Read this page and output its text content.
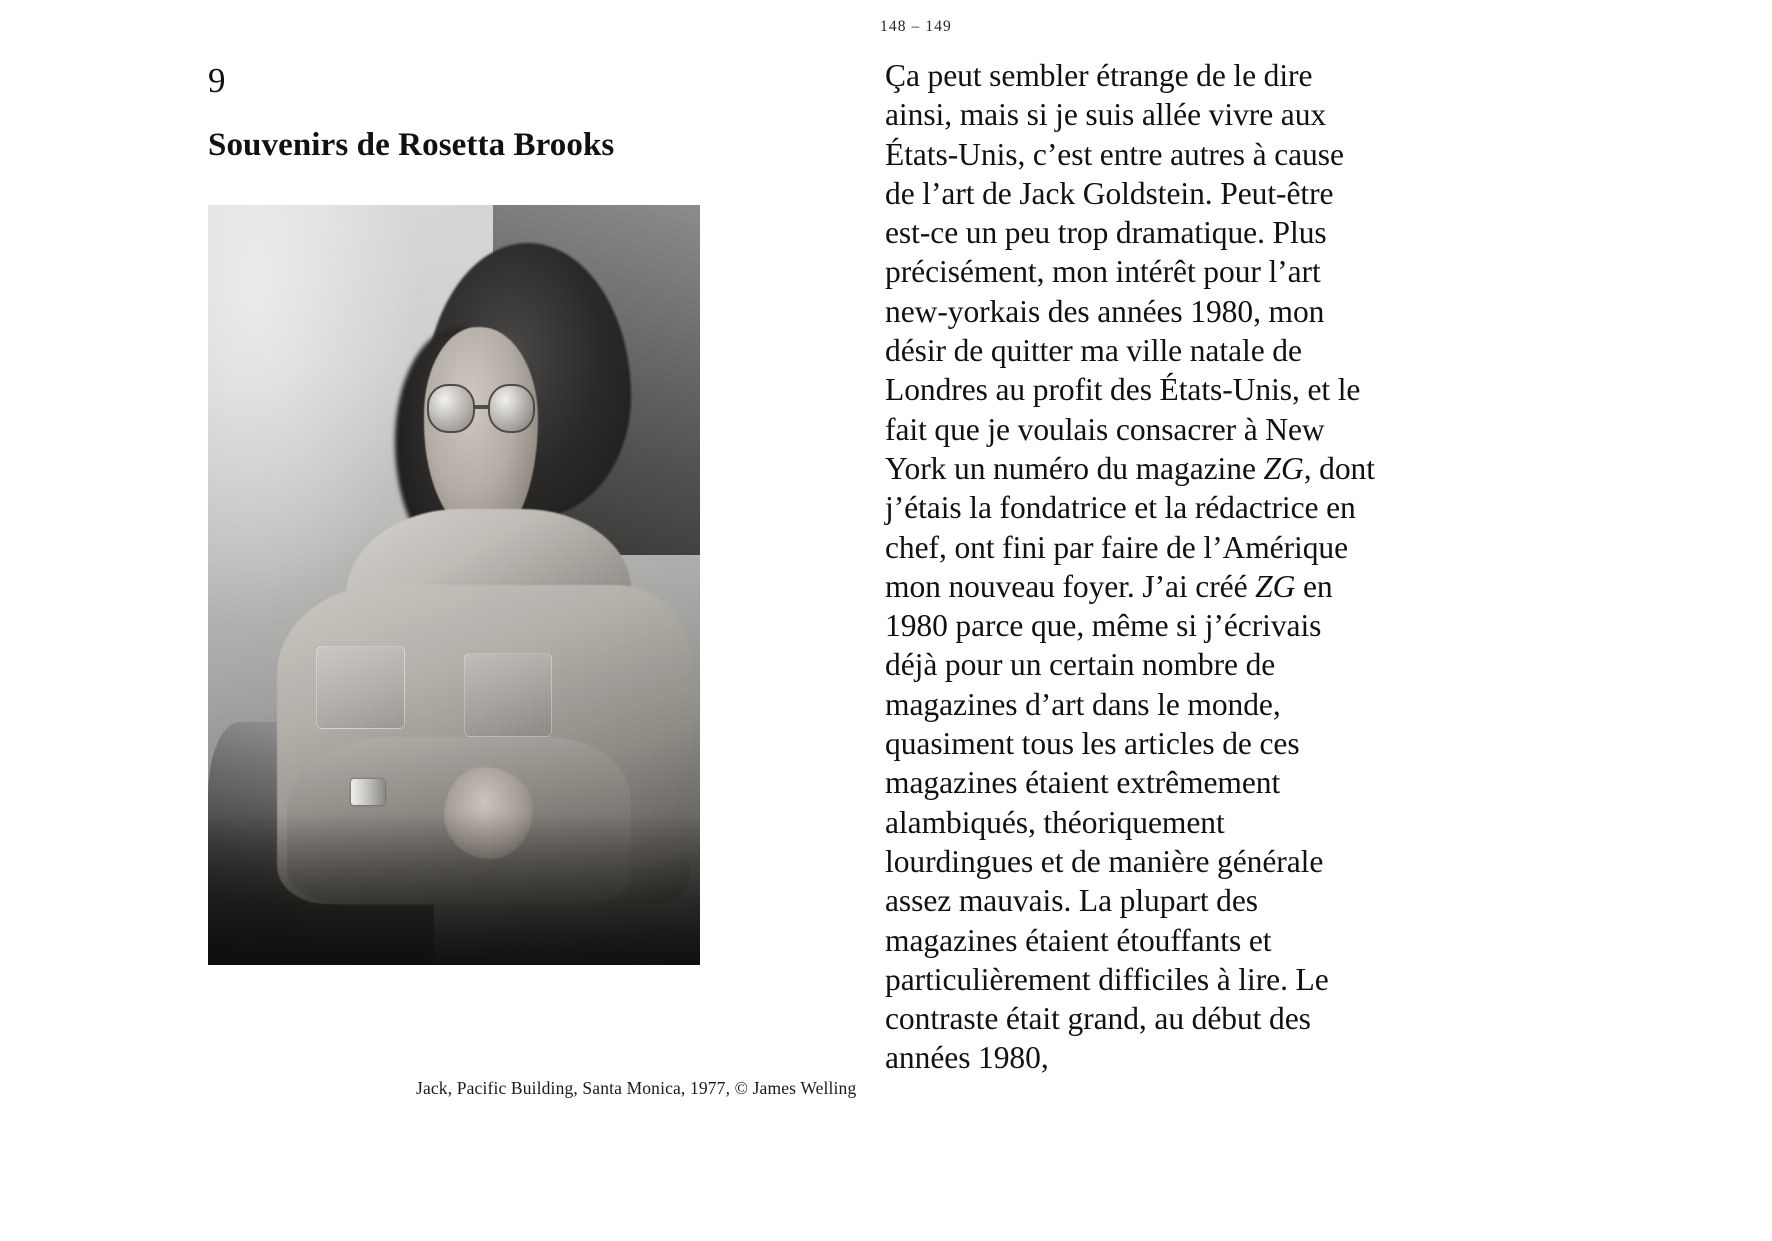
9
Souvenirs de Rosetta Brooks
Jack, Pacific Building, Santa Monica, 1977, © James Welling
148 – 149
Ça peut sembler étrange de le dire ainsi, mais si je suis allée vivre aux États-Unis, c’est entre autres à cause de l’art de Jack Goldstein. Peut-être est-ce un peu trop dramatique. Plus précisément, mon intérêt pour l’art new-yorkais des années 1980, mon désir de quitter ma ville natale de Londres au profit des États-Unis, et le fait que je voulais consacrer à New York un numéro du magazine ZG, dont j’étais la fondatrice et la rédactrice en chef, ont fini par faire de l’Amérique mon nouveau foyer. J’ai créé ZG en 1980 parce que, même si j’écrivais déjà pour un certain nombre de magazines d’art dans le monde, quasiment tous les articles de ces magazines étaient extrêmement alambiqués, théoriquement lourdingues et de manière générale assez mauvais. La plupart des magazines étaient étouffants et particulièrement difficiles à lire. Le contraste était grand, au début des années 1980,
